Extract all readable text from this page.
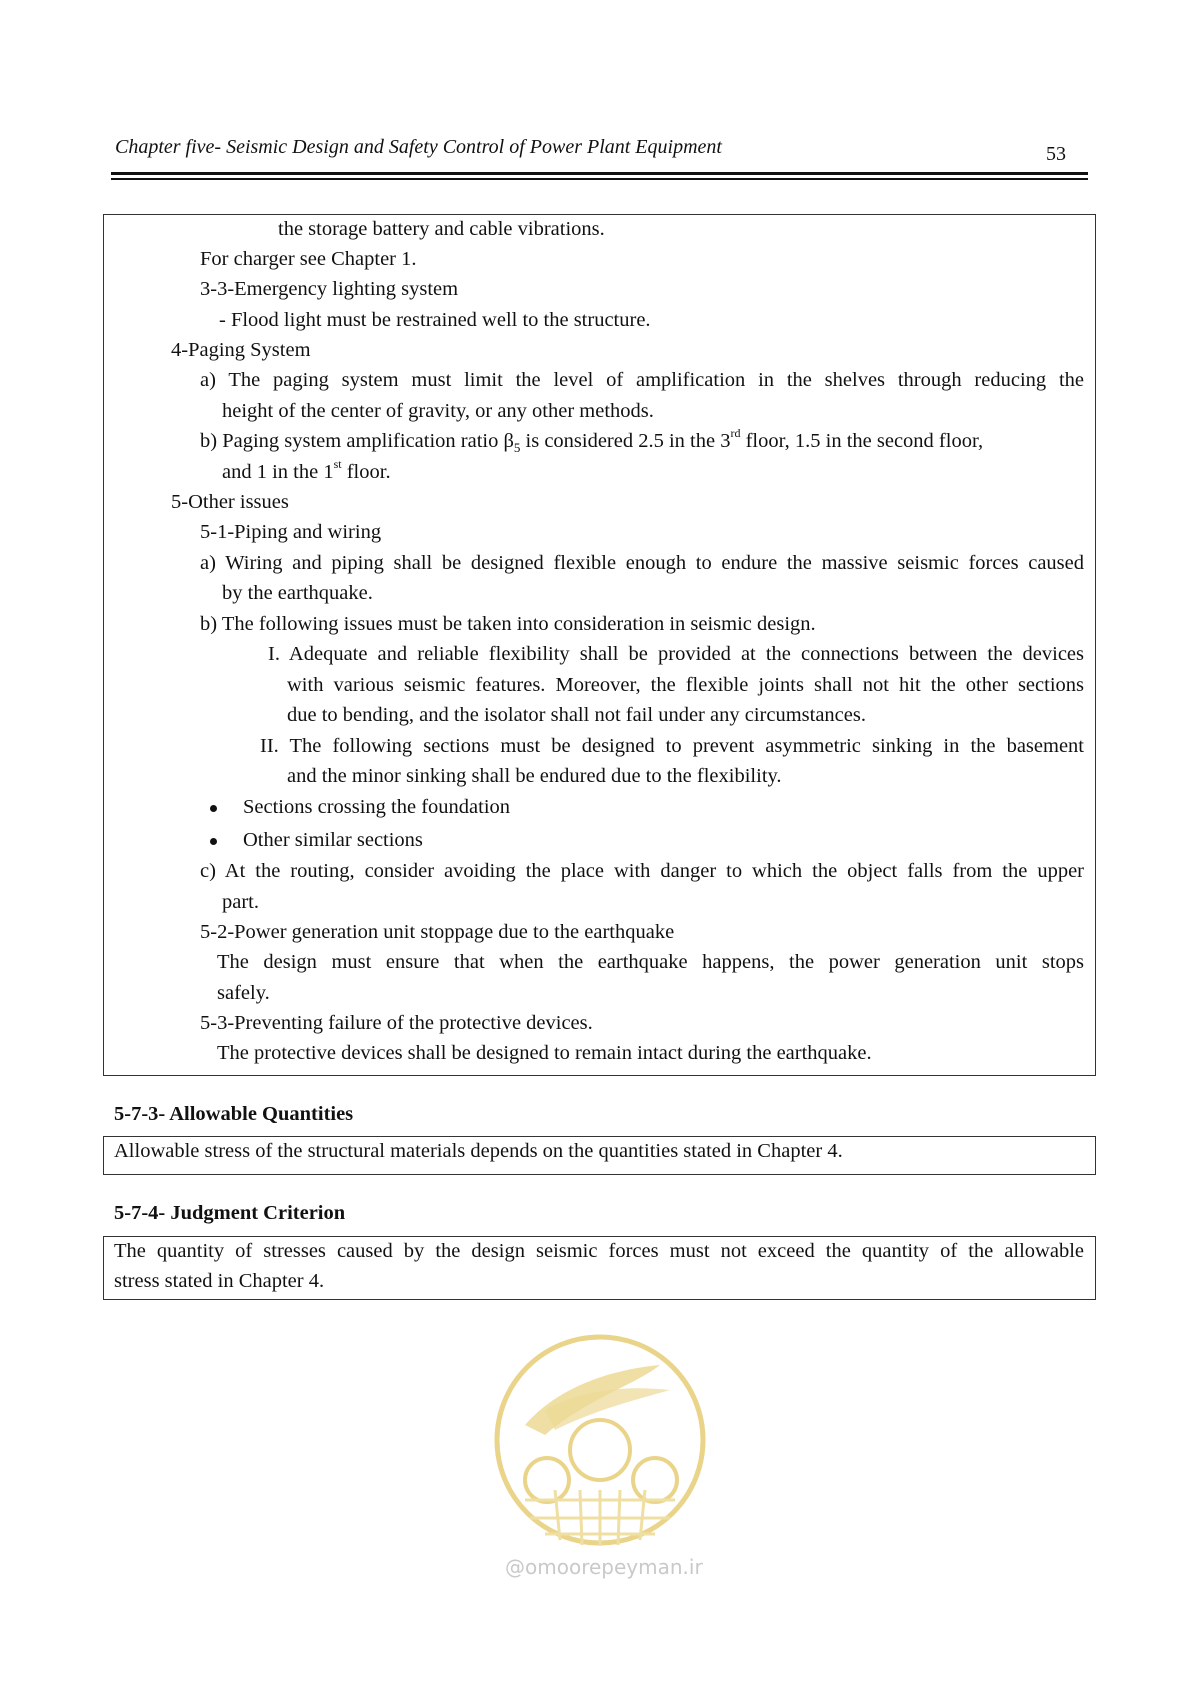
Chapter five- Seismic Design and Safety Control of Power Plant Equipment	53
the storage battery and cable vibrations.
For charger see Chapter 1.
3-3-Emergency lighting system
- Flood light must be restrained well to the structure.
4-Paging System
a) The paging system must limit the level of amplification in the shelves through reducing the
height of the center of gravity, or any other methods.
b) Paging system amplification ratio $\beta_5$ is considered 2.5 in the 3rd floor, 1.5 in the second floor,
and 1 in the 1st floor.
5-Other issues
5-1-Piping and wiring
a) Wiring and piping shall be designed flexible enough to endure the massive seismic forces caused
by the earthquake.
b) The following issues must be taken into consideration in seismic design.
I. Adequate and reliable flexibility shall be provided at the connections between the devices
with various seismic features. Moreover, the flexible joints shall not hit the other sections
due to bending, and the isolator shall not fail under any circumstances.
II. The following sections must be designed to prevent asymmetric sinking in the basement
and the minor sinking shall be endured due to the flexibility.
Sections crossing the foundation
Other similar sections
c) At the routing, consider avoiding the place with danger to which the object falls from the upper
part.
5-2-Power generation unit stoppage due to the earthquake
The design must ensure that when the earthquake happens, the power generation unit stops
safely.
5-3-Preventing failure of the protective devices.
The protective devices shall be designed to remain intact during the earthquake.
5-7-3- Allowable Quantities
Allowable stress of the structural materials depends on the quantities stated in Chapter 4.
5-7-4- Judgment Criterion
The quantity of stresses caused by the design seismic forces must not exceed the quantity of the allowable
stress stated in Chapter 4.
@omoorepeyman.ir
